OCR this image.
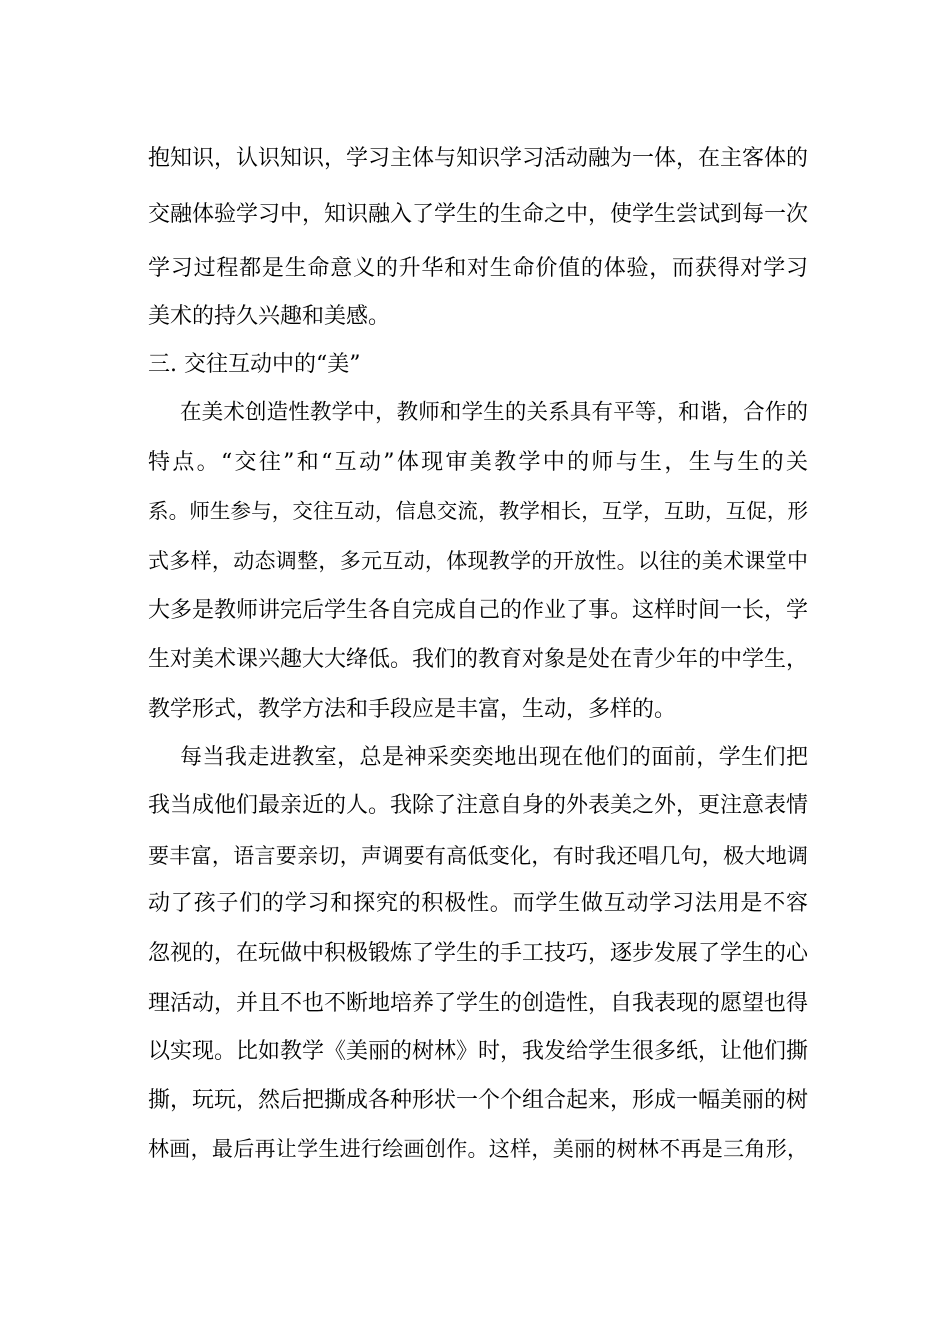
抱知识，认识知识，学习主体与知识学习活动融为一体，在主客体的
交融体验学习中，知识融入了学生的生命之中，使学生尝试到每一次
学习过程都是生命意义的升华和对生命价值的体验，而获得对学习
美术的持久兴趣和美感。
三. 交往互动中的“美”
在美术创造性教学中，教师和学生的关系具有平等，和谐，合作的
特点。“交往”和“互动”体现审美教学中的师与生，生与生的关
系。师生参与，交往互动，信息交流，教学相长，互学，互助，互促，形
式多样，动态调整，多元互动，体现教学的开放性。以往的美术课堂中
大多是教师讲完后学生各自完成自己的作业了事。这样时间一长，学
生对美术课兴趣大大绛低。我们的教育对象是处在青少年的中学生，
教学形式，教学方法和手段应是丰富，生动，多样的。
每当我走进教室，总是神采奕奕地出现在他们的面前，学生们把
我当成他们最亲近的人。我除了注意自身的外表美之外，更注意表情
要丰富，语言要亲切，声调要有高低变化，有时我还唱几句，极大地调
动了孩子们的学习和探究的积极性。而学生做互动学习法用是不容
忽视的，在玩做中积极锻炼了学生的手工技巧，逐步发展了学生的心
理活动，并且不也不断地培养了学生的创造性，自我表现的愿望也得
以实现。比如教学《美丽的树林》时，我发给学生很多纸，让他们撕
撕，玩玩，然后把撕成各种形状一个个组合起来，形成一幅美丽的树
林画，最后再让学生进行绘画创作。这样，美丽的树林不再是三角形，
